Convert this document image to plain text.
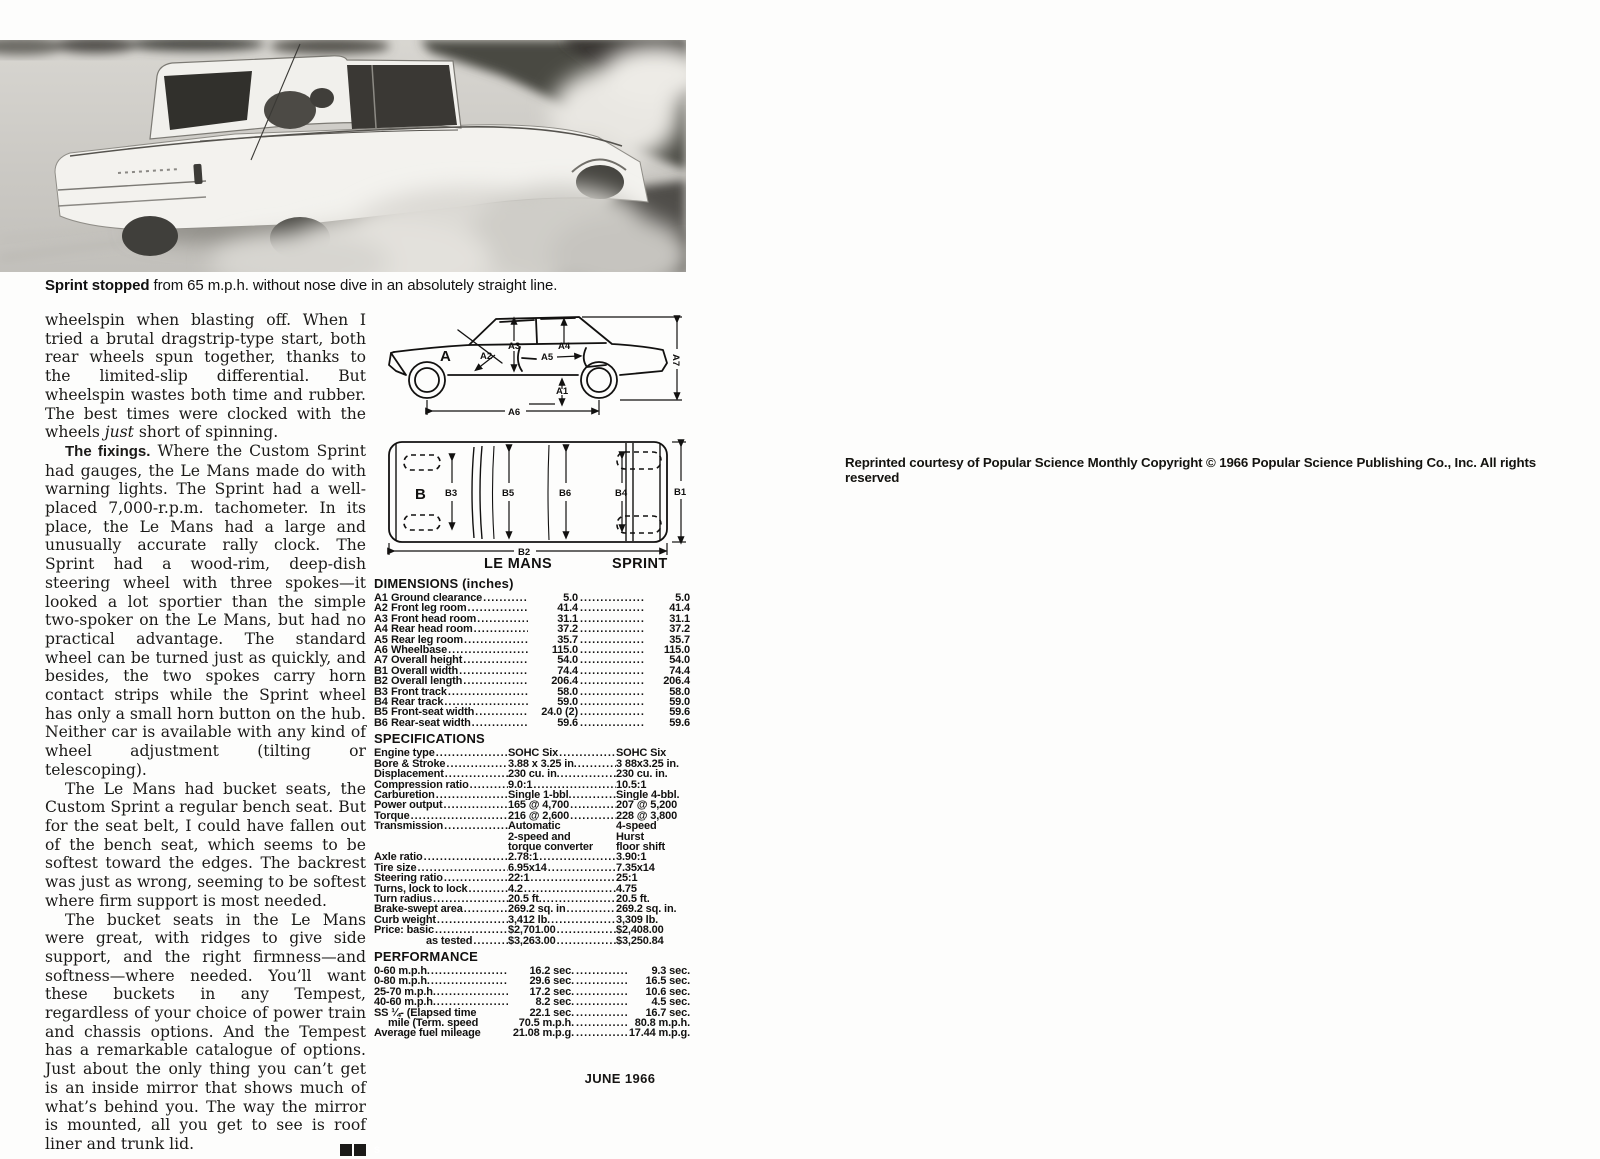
Sprint stopped from 65 m.p.h. without nose dive in an absolutely straight line.

wheelspin when blasting off. When I tried a brutal dragstrip-type start, both rear wheels spun together, thanks to the limited-slip differential. But wheelspin wastes both time and rubber. The best times were clocked with the wheels just short of spinning.

The fixings. Where the Custom Sprint had gauges, the Le Mans made do with warning lights. The Sprint had a well-placed 7,000-r.p.m. tachometer. In its place, the Le Mans had a large and unusually accurate rally clock. The Sprint had a wood-rim, deep-dish steering wheel with three spokes—it looked a lot sportier than the simple two-spoker on the Le Mans, but had no practical advantage. The standard wheel can be turned just as quickly, and besides, the two spokes carry horn contact strips while the Sprint wheel has only a small horn button on the hub. Neither car is available with any kind of wheel adjustment (tilting or telescoping).

The Le Mans had bucket seats, the Custom Sprint a regular bench seat. But for the seat belt, I could have fallen out of the bench seat, which seems to be softest toward the edges. The backrest was just as wrong, seeming to be softest where firm support is most needed.

The bucket seats in the Le Mans were great, with ridges to give side support, and the right firmness—and softness—where needed. You’ll want these buckets in any Tempest, regardless of your choice of power train and chassis options. And the Tempest has a remarkable catalogue of options. Just about the only thing you can’t get is an inside mirror that shows much of what’s behind you. The way the mirror is mounted, all you get to see is roof liner and trunk lid.	S

A	A2
A3	A4
A5
A1
A6
A7
B B3	B5	B6	B4	B1
B2
LE MANS	SPRINT
DIMENSIONS (inches)
A1 Ground clearance .....	5.0 .....	5.0
A2 Front leg room .....	41.4 .....	41.4
A3 Front head room .....	31.1 .....	31.1
A4 Rear head room .....	37.2 .....	37.2
A5 Rear leg room .....	35.7 .....	35.7
A6 Wheelbase .....	115.0 .....	115.0
A7 Overall height .....	54.0 .....	54.0
B1 Overall width .....	74.4 .....	74.4
B2 Overall length .....	206.4 .....	206.4
B3 Front track .....	58.0 .....	58.0
B4 Rear track .....	59.0 .....	59.0
B5 Front-seat width .....	24.0 (2) .....	59.6
B6 Rear-seat width .....	59.6 .....	59.6
SPECIFICATIONS
Engine type .....	SOHC Six .....	SOHC Six
Bore & Stroke .....	3.88 x 3.25 in. .....	3 88x3.25 in.
Displacement .....	230 cu. in. .....	230 cu. in.
Compression ratio .....	9.0:1 .....	10.5:1
Carburetion .....	Single 1-bbl. .....	Single 4-bbl.
Power output .....	165 @ 4,700 .....	207 @ 5,200
Torque .....	216 @ 2,600 .....	228 @ 3,800
Transmission .....	Automatic	4-speed
2-speed and	Hurst
torque converter floor shift
Axle ratio .....	2.78:1 .....	3.90:1
Tire size .....	6.95x14 .....	7.35x14
Steering ratio .....	22:1 .....	25:1
Turns, lock to lock .....	4.2 .....	4.75
Turn radius .....	20.5 ft. .....	20.5 ft.
Brake-swept area .....	269.2 sq. in .....	269.2 sq. in.
Curb weight .....	3,412 lb. .....	3,309 lb.
Price: basic .....	$2,701.00 .....	$2,408.00
as tested .....	$3,263.00 .....	$3,250.84
PERFORMANCE
0-60 m.p.h. .....	16.2 sec. .....	9.3 sec.
0-80 m.p.h. .....	29.6 sec. .....	16.5 sec.
25-70 m.p.h. .....	17.2 sec. .....	10.6 sec.
40-60 m.p.h. .....	8.2 sec. .....	4.5 sec.
SS ¼- (Elapsed time	22.1 sec. .....	16.7 sec.
mile (Term. speed	70.5 m.p.h. .....	80.8 m.p.h.
Average fuel mileage	21.08 m.p.g. .....	17.44 m.p.g.
JUNE 1966
Reprinted courtesy of Popular Science Monthly Copyright © 1966 Popular Science Publishing Co., Inc. All rights reserved
